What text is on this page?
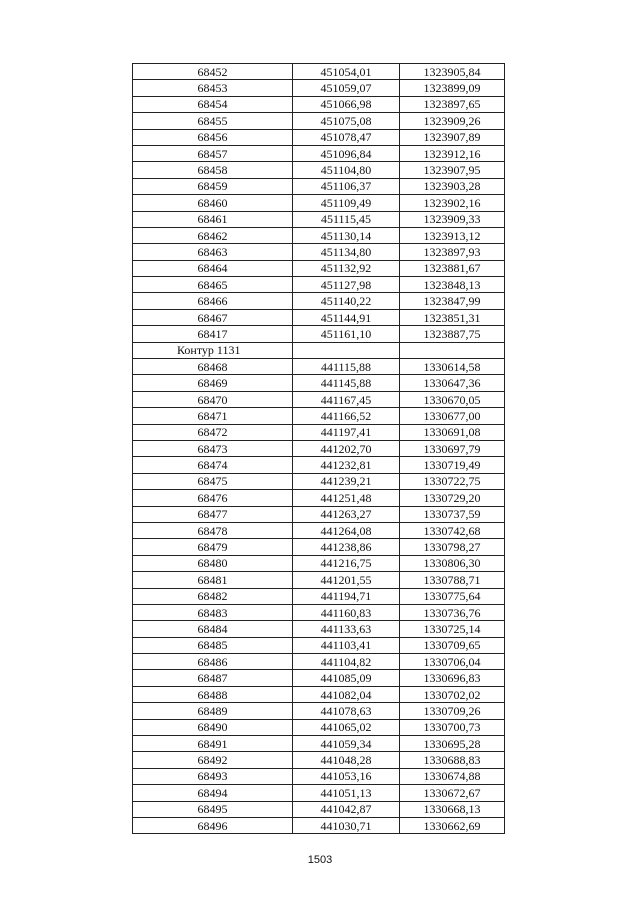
68452	451054,01	1323905,84
68453	451059,07	1323899,09
68454	451066,98	1323897,65
68455	451075,08	1323909,26
68456	451078,47	1323907,89
68457	451096,84	1323912,16
68458	451104,80	1323907,95
68459	451106,37	1323903,28
68460	451109,49	1323902,16
68461	451115,45	1323909,33
68462	451130,14	1323913,12
68463	451134,80	1323897,93
68464	451132,92	1323881,67
68465	451127,98	1323848,13
68466	451140,22	1323847,99
68467	451144,91	1323851,31
68417	451161,10	1323887,75
Контур 1131		
68468	441115,88	1330614,58
68469	441145,88	1330647,36
68470	441167,45	1330670,05
68471	441166,52	1330677,00
68472	441197,41	1330691,08
68473	441202,70	1330697,79
68474	441232,81	1330719,49
68475	441239,21	1330722,75
68476	441251,48	1330729,20
68477	441263,27	1330737,59
68478	441264,08	1330742,68
68479	441238,86	1330798,27
68480	441216,75	1330806,30
68481	441201,55	1330788,71
68482	441194,71	1330775,64
68483	441160,83	1330736,76
68484	441133,63	1330725,14
68485	441103,41	1330709,65
68486	441104,82	1330706,04
68487	441085,09	1330696,83
68488	441082,04	1330702,02
68489	441078,63	1330709,26
68490	441065,02	1330700,73
68491	441059,34	1330695,28
68492	441048,28	1330688,83
68493	441053,16	1330674,88
68494	441051,13	1330672,67
68495	441042,87	1330668,13
68496	441030,71	1330662,69
1503
